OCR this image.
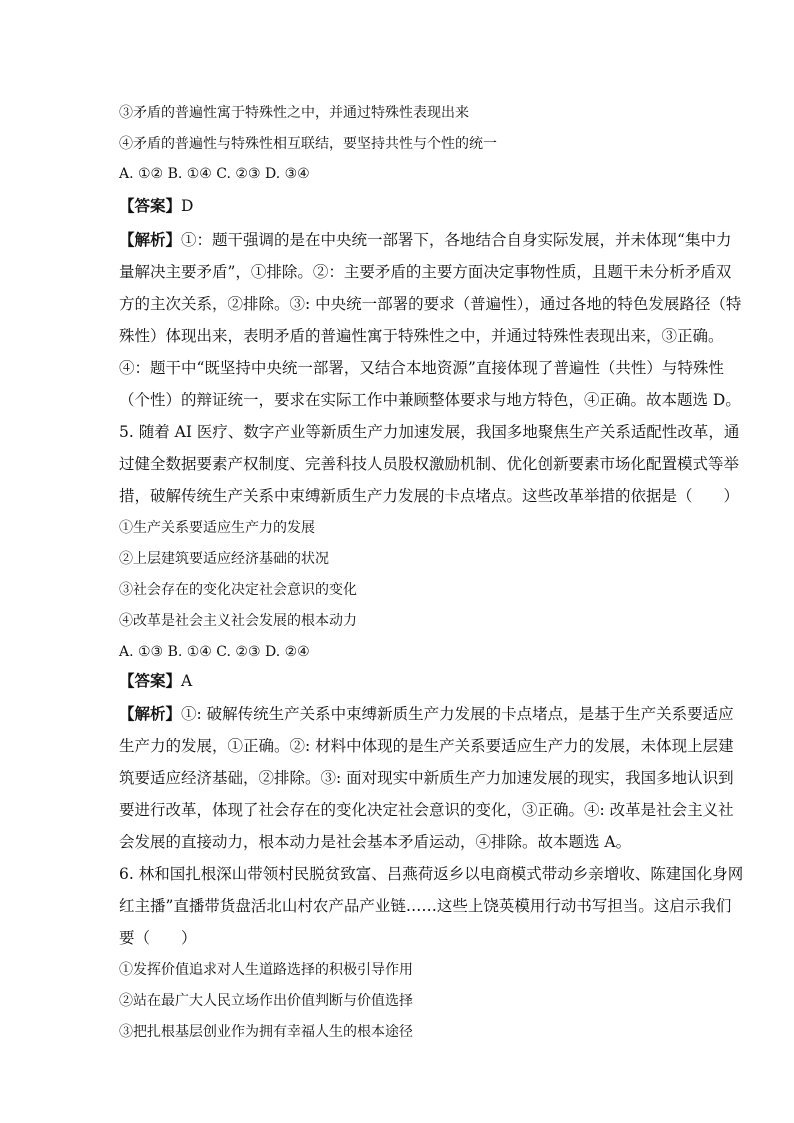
③矛盾的普遍性寓于特殊性之中，并通过特殊性表现出来
④矛盾的普遍性与特殊性相互联结，要坚持共性与个性的统一
A. ①② B. ①④ C. ②③ D. ③④
【答案】D
【解析】①：题干强调的是在中央统一部署下，各地结合自身实际发展，并未体现“集中力
量解决主要矛盾”，①排除。②：主要矛盾的主要方面决定事物性质，且题干未分析矛盾双
方的主次关系，②排除。③: 中央统一部署的要求（普遍性），通过各地的特色发展路径（特
殊性）体现出来，表明矛盾的普遍性寓于特殊性之中，并通过特殊性表现出来，③正确。
④：题干中“既坚持中央统一部署，又结合本地资源”直接体现了普遍性（共性）与特殊性
（个性）的辩证统一，要求在实际工作中兼顾整体要求与地方特色，④正确。故本题选 D。
5. 随着 AI 医疗、数字产业等新质生产力加速发展，我国多地聚焦生产关系适配性改革，通
过健全数据要素产权制度、完善科技人员股权激励机制、优化创新要素市场化配置模式等举
措，破解传统生产关系中束缚新质生产力发展的卡点堵点。这些改革举措的依据是（　　）
①生产关系要适应生产力的发展
②上层建筑要适应经济基础的状况
③社会存在的变化决定社会意识的变化
④改革是社会主义社会发展的根本动力
A. ①③ B. ①④ C. ②③ D. ②④
【答案】A
【解析】①: 破解传统生产关系中束缚新质生产力发展的卡点堵点，是基于生产关系要适应
生产力的发展，①正确。②: 材料中体现的是生产关系要适应生产力的发展，未体现上层建
筑要适应经济基础，②排除。③: 面对现实中新质生产力加速发展的现实，我国多地认识到
要进行改革，体现了社会存在的变化决定社会意识的变化，③正确。④: 改革是社会主义社
会发展的直接动力，根本动力是社会基本矛盾运动，④排除。故本题选 A。
6. 林和国扎根深山带领村民脱贫致富、吕燕荷返乡以电商模式带动乡亲增收、陈建国化身网
红主播”直播带货盘活北山村农产品产业链……这些上饶英模用行动书写担当。这启示我们
要（　　）
①发挥价值追求对人生道路选择的积极引导作用
②站在最广大人民立场作出价值判断与价值选择
③把扎根基层创业作为拥有幸福人生的根本途径
